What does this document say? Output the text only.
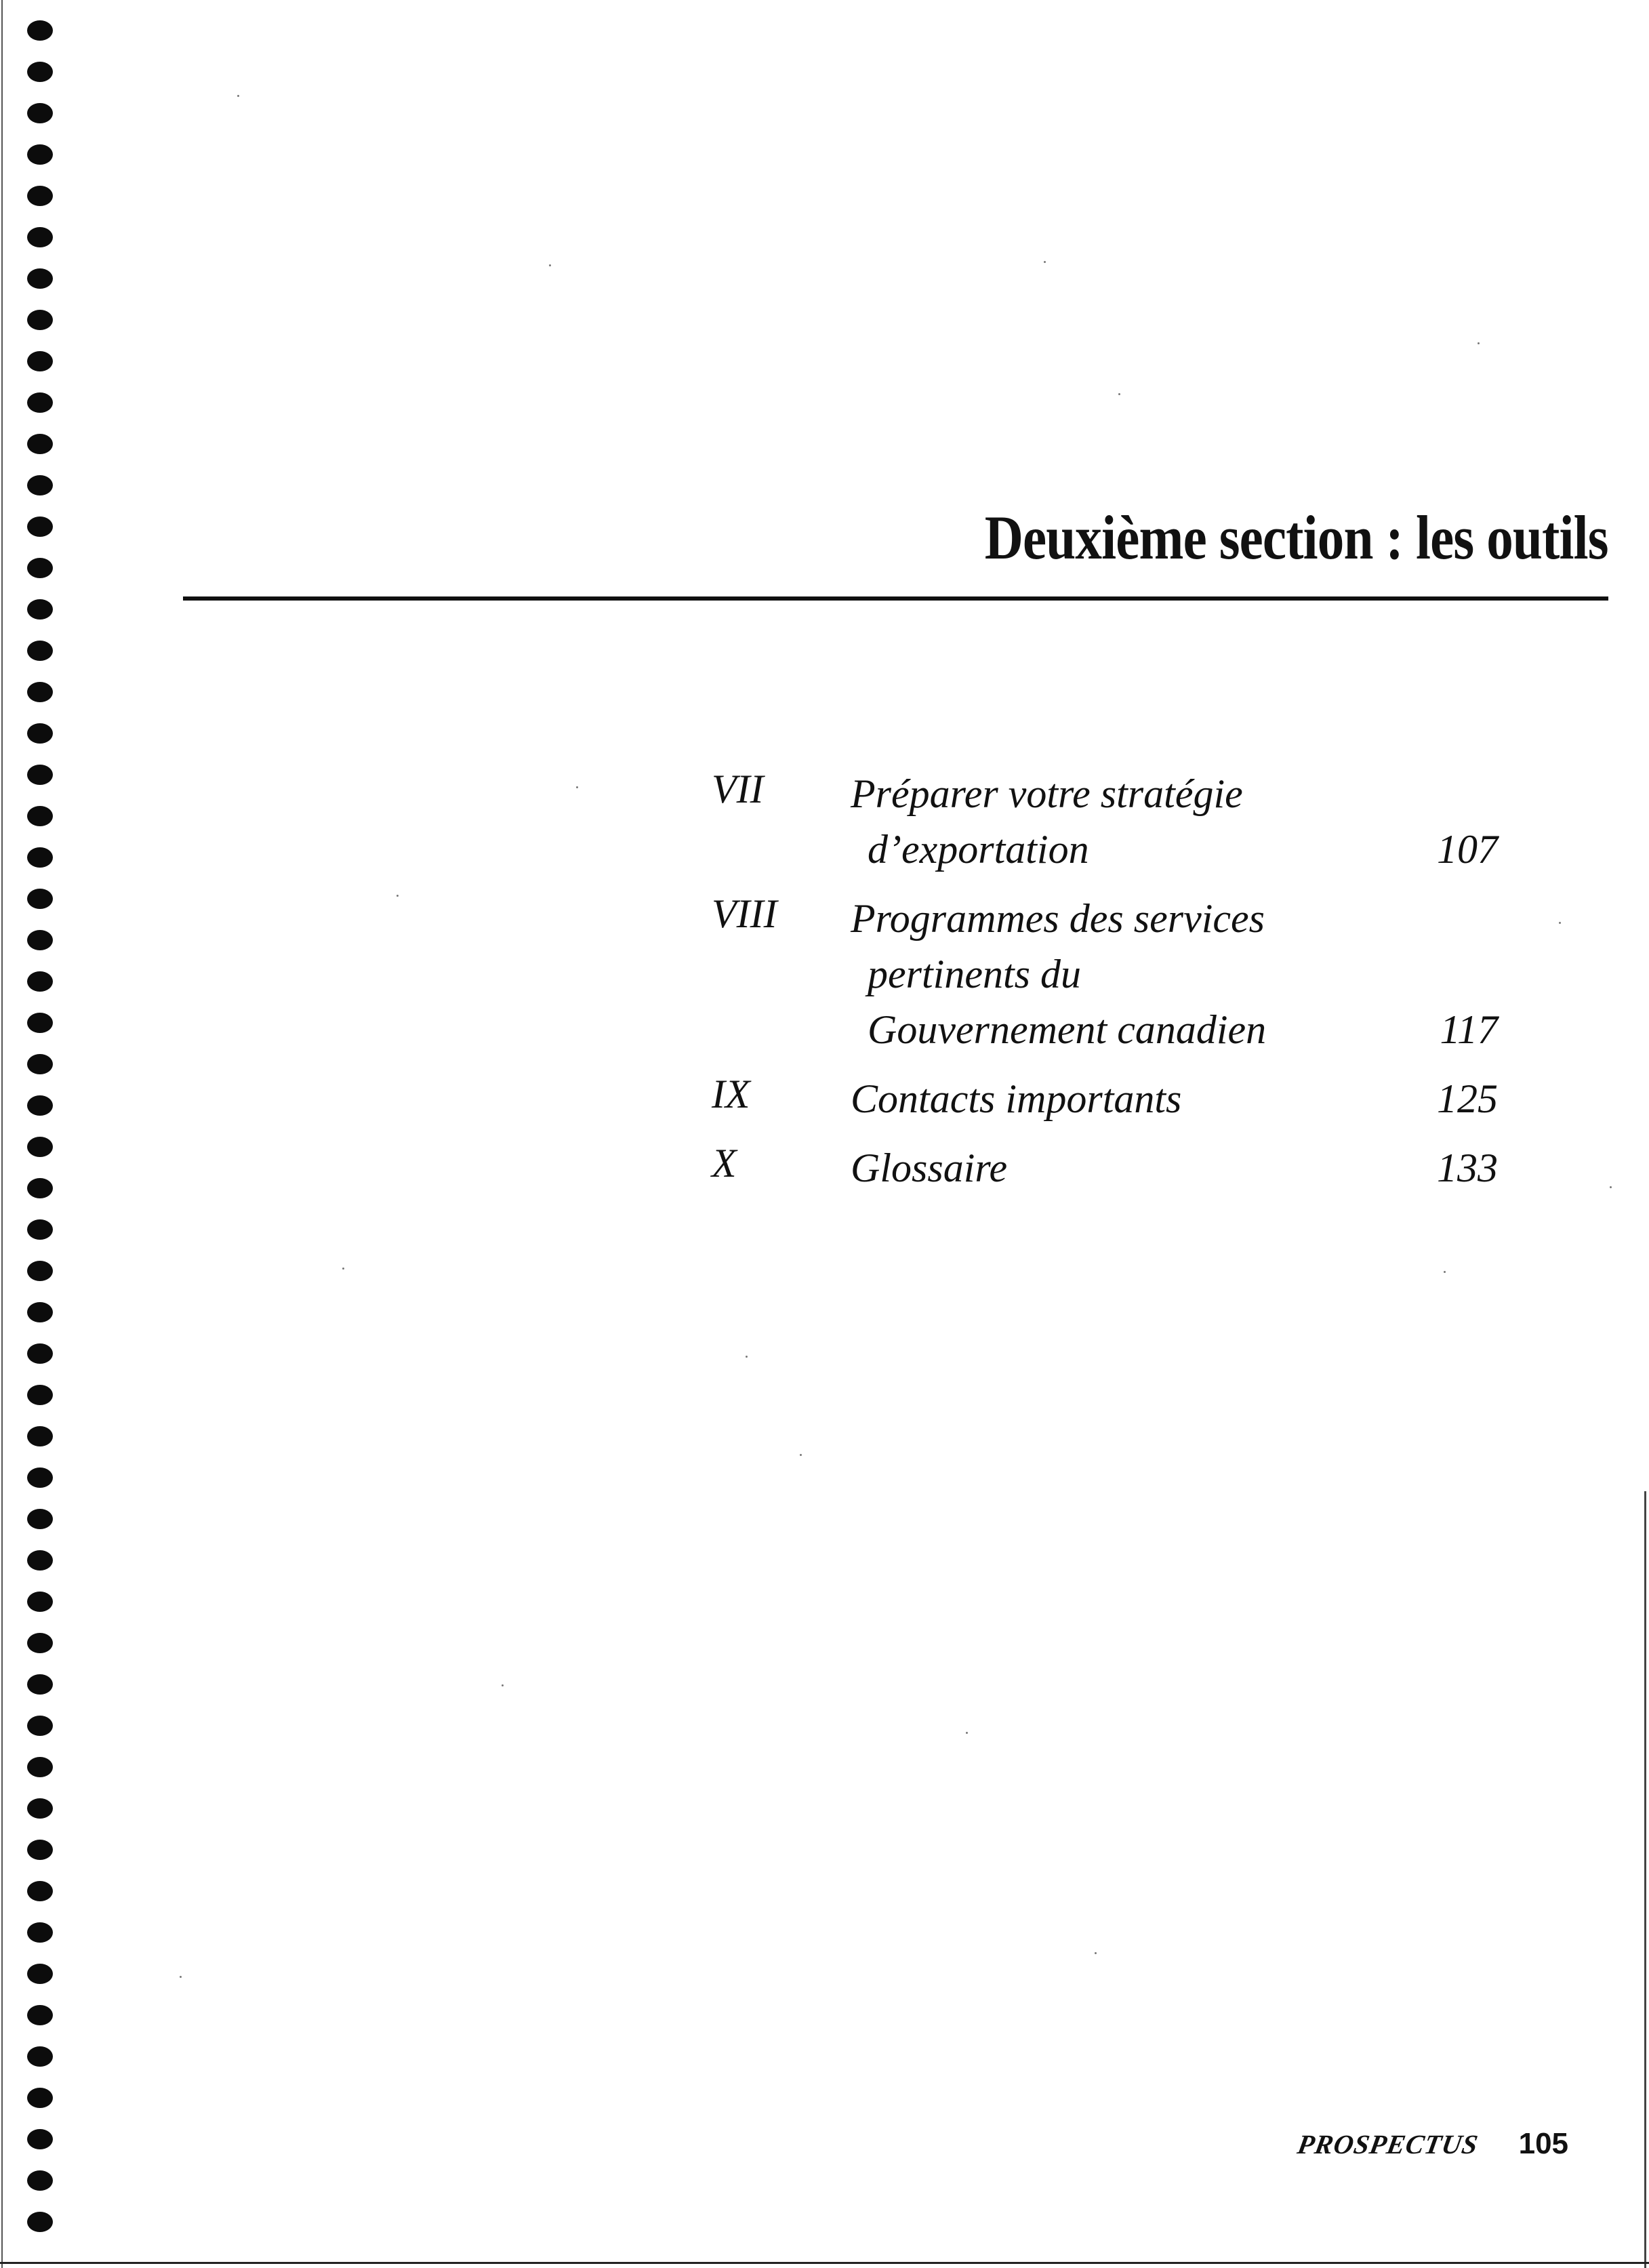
Deuxième section : les outils
VII	Préparer votre stratégie
d’exportation	107
VIII	Programmes des services
pertinents du
Gouvernement canadien	117
IX	Contacts importants	125
X	Glossaire	133
PROSPECTUS 105
